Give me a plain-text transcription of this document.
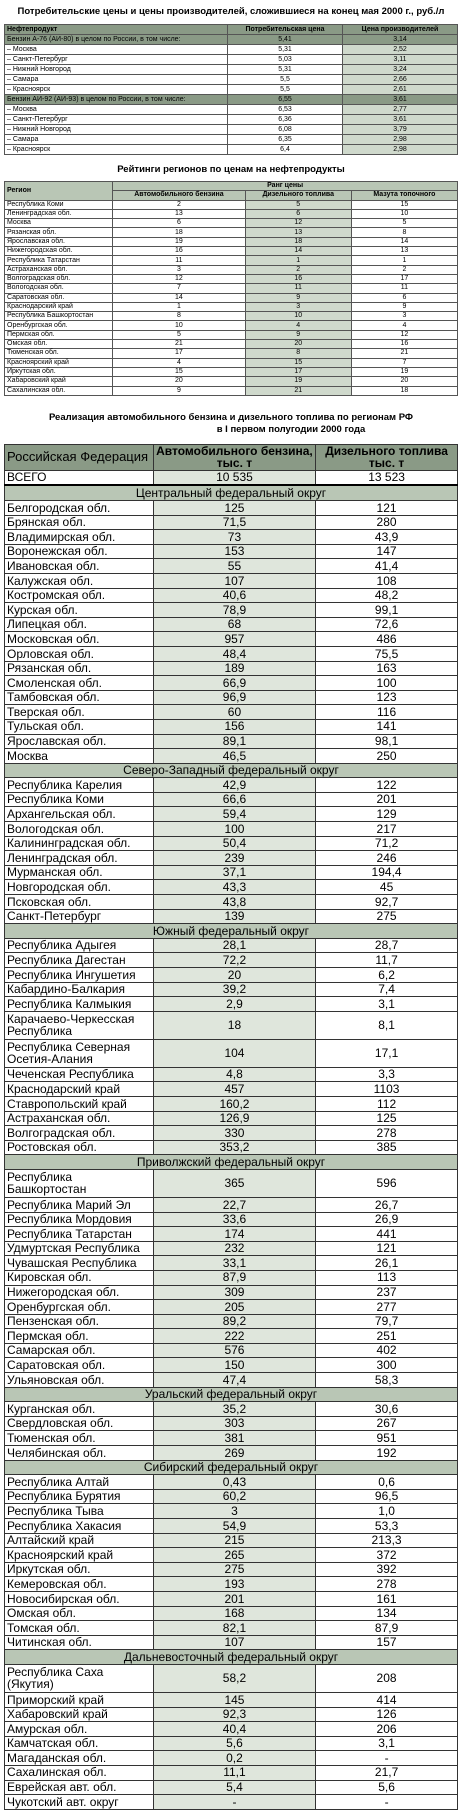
Потребительские цены и цены производителей, сложившиеся на конец мая 2000 г., руб./л
Нефтепродукт	Потребительская цена	Цена производителей
Бензин А-76 (АИ-80) в целом по России, в том числе:	5,41	3,14
– Москва	5,31	2,52
– Санкт-Петербург	5,03	3,11
– Нижний Новгород	5,31	3,24
– Самара	5,5	2,66
– Красноярск	5,5	2,61
Бензин АИ-92 (АИ-93) в целом по России, в том числе:	6,55	3,61
– Москва	6,53	2,77
– Санкт-Петербург	6,36	3,61
– Нижний Новгород	6,08	3,79
– Самара	6,35	2,98
– Красноярск	6,4	2,98
Рейтинги регионов по ценам на нефтепродукты
Регион	Ранг цены		
	Автомобильного бензина	Дизельного топлива	Мазута топочного
Республика Коми	2	5	15
Ленинградская обл.	13	6	10
Москва	6	12	5
Рязанская обл.	18	13	8
Ярославская обл.	19	18	14
Нижегородская обл.	16	14	13
Республика Татарстан	11	1	1
Астраханская обл.	3	2	2
Волгоградская обл.	12	16	17
Вологодская обл.	7	11	11
Саратовская обл.	14	9	6
Краснодарский край	1	3	9
Республика Башкортостан	8	10	3
Оренбургская обл.	10	4	4
Пермская обл.	5	9	12
Омская обл.	21	20	16
Тюменская обл.	17	8	21
Красноярский край	4	15	7
Иркутская обл.	15	17	19
Хабаровский край	20	19	20
Сахалинская обл.	9	21	18
Реализация автомобильного бензина и дизельного топлива по регионам РФ
в I первом полугодии 2000 года
Российская Федерация	Автомобильного бензина, тыс. т	Дизельного топлива тыс. т
ВСЕГО	10 535	13 523
Центральный федеральный округ		
Белгородская обл.	125	121
Брянская обл.	71,5	280
Владимирская обл.	73	43,9
Воронежская обл.	153	147
Ивановская обл.	55	41,4
Калужская обл.	107	108
Костромская обл.	40,6	48,2
Курская обл.	78,9	99,1
Липецкая обл.	68	72,6
Московская обл.	957	486
Орловская обл.	48,4	75,5
Рязанская обл.	189	163
Смоленская обл.	66,9	100
Тамбовская обл.	96,9	123
Тверская обл.	60	116
Тульская обл.	156	141
Ярославская обл.	89,1	98,1
Москва	46,5	250
Северо-Западный федеральный округ		
Республика Карелия	42,9	122
Республика Коми	66,6	201
Архангельская обл.	59,4	129
Вологодская обл.	100	217
Калининградская обл.	50,4	71,2
Ленинградская обл.	239	246
Мурманская обл.	37,1	194,4
Новгородская обл.	43,3	45
Псковская обл.	43,8	92,7
Санкт-Петербург	139	275
Южный федеральный округ		
Республика Адыгея	28,1	28,7
Республика Дагестан	72,2	11,7
Республика Ингушетия	20	6,2
Кабардино-Балкария	39,2	7,4
Республика Калмыкия	2,9	3,1
Карачаево-Черкесская Республика	18	8,1
Республика Северная Осетия-Алания	104	17,1
Чеченская Республика	4,8	3,3
Краснодарский край	457	1103
Ставропольский край	160,2	112
Астраханская обл.	126,9	125
Волгоградская обл.	330	278
Ростовская обл.	353,2	385
Приволжский федеральный округ		
Республика Башкортостан	365	596
Республика Марий Эл	22,7	26,7
Республика Мордовия	33,6	26,9
Республика Татарстан	174	441
Удмуртская Республика	232	121
Чувашская Республика	33,1	26,1
Кировская обл.	87,9	113
Нижегородская обл.	309	237
Оренбургская обл.	205	277
Пензенская обл.	89,2	79,7
Пермская обл.	222	251
Самарская обл.	576	402
Саратовская обл.	150	300
Ульяновская обл.	47,4	58,3
Уральский федеральный округ		
Курганская обл.	35,2	30,6
Свердловская обл.	303	267
Тюменская обл.	381	951
Челябинская обл.	269	192
Сибирский федеральный округ		
Республика Алтай	0,43	0,6
Республика Бурятия	60,2	96,5
Республика Тыва	3	1,0
Республика Хакасия	54,9	53,3
Алтайский край	215	213,3
Красноярский край	265	372
Иркутская обл.	275	392
Кемеровская обл.	193	278
Новосибирская обл.	201	161
Омская обл.	168	134
Томская обл.	82,1	87,9
Читинская обл.	107	157
Дальневосточный федеральный округ		
Республика Саха (Якутия)	58,2	208
Приморский край	145	414
Хабаровский край	92,3	126
Амурская обл.	40,4	206
Камчатская обл.	5,6	3,1
Магаданская обл.	0,2	-
Сахалинская обл.	11,1	21,7
Еврейская авт. обл.	5,4	5,6
Чукотский авт. округ	-	-
